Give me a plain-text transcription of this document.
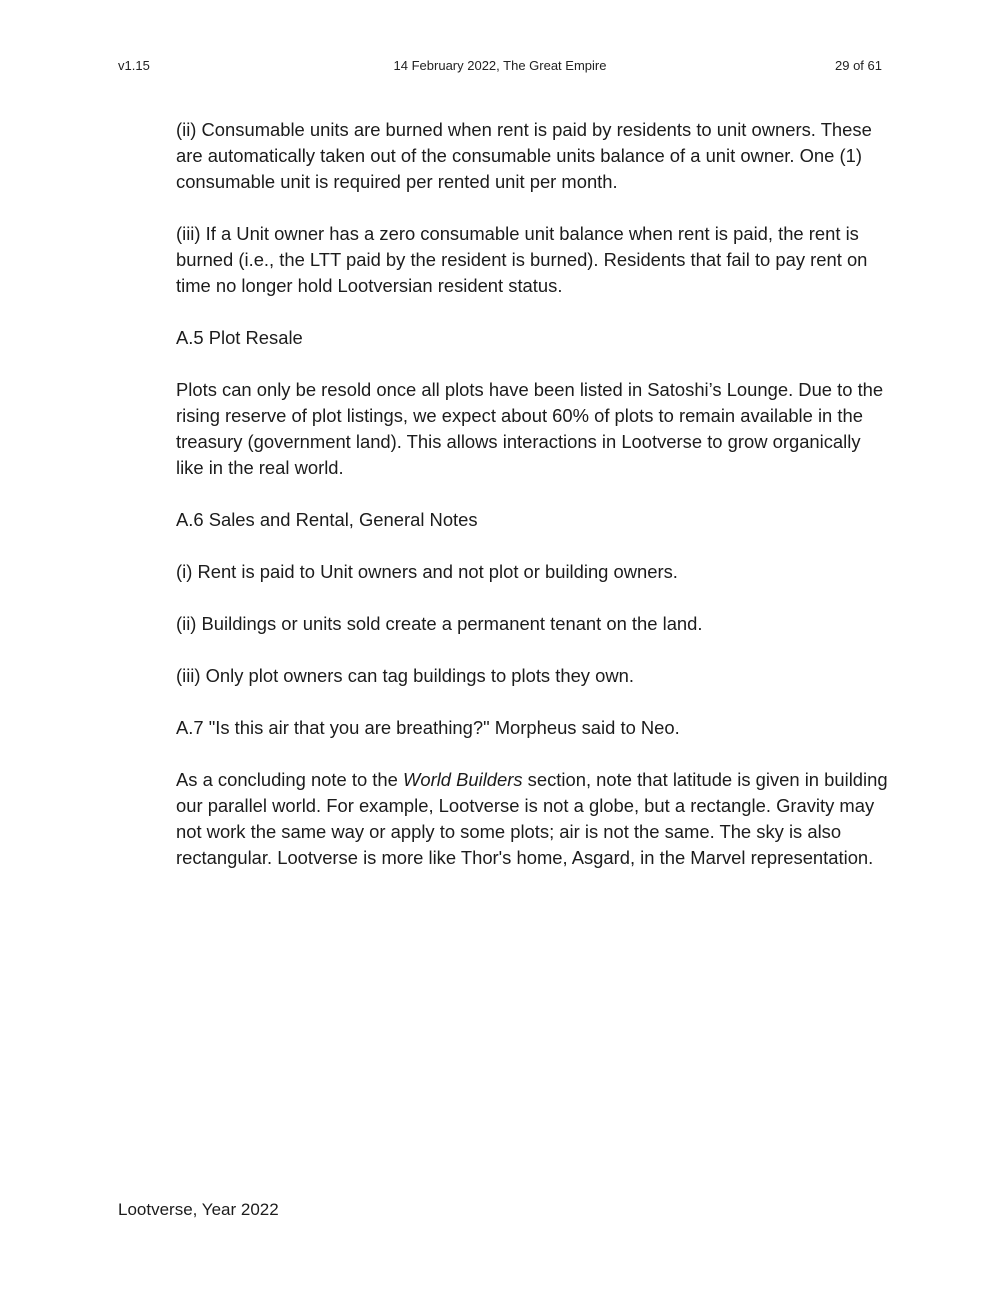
v1.15	14 February 2022, The Great Empire	29 of 61

(ii) Consumable units are burned when rent is paid by residents to unit owners. These are automatically taken out of the consumable units balance of a unit owner. One (1) consumable unit is required per rented unit per month.

(iii) If a Unit owner has a zero consumable unit balance when rent is paid, the rent is burned (i.e., the LTT paid by the resident is burned). Residents that fail to pay rent on time no longer hold Lootversian resident status.

A.5 Plot Resale

Plots can only be resold once all plots have been listed in Satoshi’s Lounge. Due to the rising reserve of plot listings, we expect about 60% of plots to remain available in the treasury (government land). This allows interactions in Lootverse to grow organically like in the real world.

A.6 Sales and Rental, General Notes

(i) Rent is paid to Unit owners and not plot or building owners.

(ii) Buildings or units sold create a permanent tenant on the land.

(iii) Only plot owners can tag buildings to plots they own.

A.7 "Is this air that you are breathing?" Morpheus said to Neo.

As a concluding note to the World Builders section, note that latitude is given in building our parallel world. For example, Lootverse is not a globe, but a rectangle. Gravity may not work the same way or apply to some plots; air is not the same. The sky is also rectangular. Lootverse is more like Thor's home, Asgard, in the Marvel representation.

Lootverse, Year 2022
